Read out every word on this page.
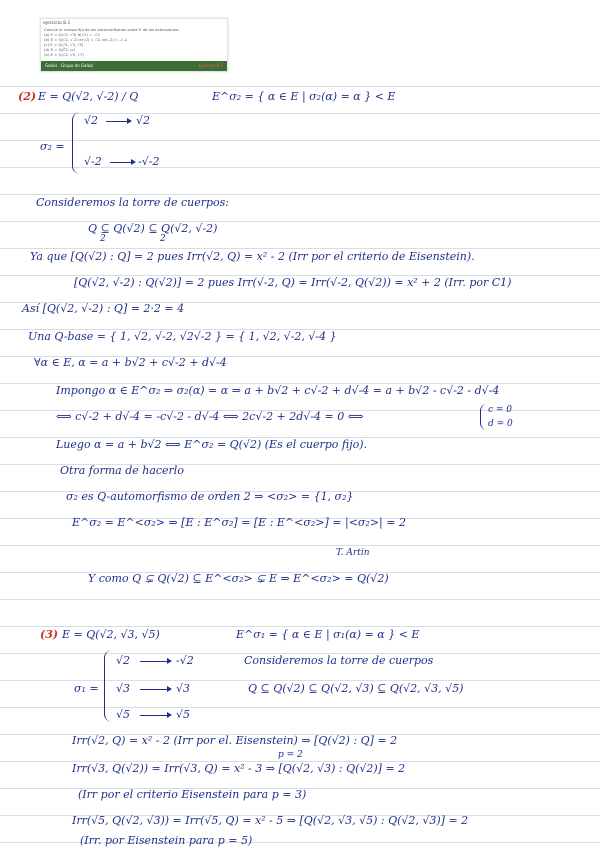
ejercicio 8.1
Calcula el cuerpo fijo de los automorfismos sobre E de las extensiones:
(a) E = Q(√2, √3) σ(√2) = -√2
(b) E = Q(√2, √-2) σ(√2) = √2, σ(√-2) = -√-2
(c) E = Q(√2, √3, √5)
(d) E = Q(∛2, ω)
(e) E = Q(√2, √3, √7)
Galois · Grupo de Galois	Ejercicio 8.1
(2) E = Q(√2, √-2) / Q	E^σ₂ = { α ∈ E | σ₂(α) = α } < E
σ₂ =
√2	√2
√-2	-√-2
Consideremos la torre de cuerpos:
Q ⊆ Q(√2) ⊆ Q(√2, √-2)
2	2
Ya que [Q(√2) : Q] = 2 pues Irr(√2, Q) = x² - 2 (Irr por el criterio de Eisenstein).
[Q(√2, √-2) : Q(√2)] = 2 pues Irr(√-2, Q) = Irr(√-2, Q(√2)) = x² + 2 (Irr. por C1)
Así [Q(√2, √-2) : Q] = 2·2 = 4
Una Q-base = { 1, √2, √-2, √2√-2 } = { 1, √2, √-2, √-4 }
∀α ∈ E, α = a + b√2 + c√-2 + d√-4
Impongo α ∈ E^σ₂ ⇒ σ₂(α) = α ⇒ a + b√2 + c√-2 + d√-4 = a + b√2 - c√-2 - d√-4
⟺ c√-2 + d√-4 = -c√-2 - d√-4 ⟺ 2c√-2 + 2d√-4 = 0 ⟺	c = 0
d = 0
Luego α = a + b√2 ⟺ E^σ₂ = Q(√2) (Es el cuerpo fijo).
Otra forma de hacerlo
σ₂ es Q-automorfismo de orden 2 ⇒ <σ₂> = {1, σ₂}
E^σ₂ = E^<σ₂> ⇒ [E : E^σ₂] = [E : E^<σ₂>] = |<σ₂>| = 2
T. Artin
Y como Q ⊊ Q(√2) ⊆ E^<σ₂> ⊊ E ⇒ E^<σ₂> = Q(√2)
(3) E = Q(√2, √3, √5)	E^σ₁ = { α ∈ E | σ₁(α) = α } < E
σ₁ =
√2	-√2
√3	√3
√5	√5
Consideremos la torre de cuerpos
Q ⊆ Q(√2) ⊆ Q(√2, √3) ⊆ Q(√2, √3, √5)
Irr(√2, Q) = x² - 2 (Irr por el. Eisenstein) ⇒ [Q(√2) : Q] = 2
p = 2
Irr(√3, Q(√2)) = Irr(√3, Q) = x² - 3 ⇒ [Q(√2, √3) : Q(√2)] = 2
(Irr por el criterio Eisenstein para p = 3)
Irr(√5, Q(√2, √3)) = Irr(√5, Q) = x² - 5 ⇒ [Q(√2, √3, √5) : Q(√2, √3)] = 2
(Irr. por Eisenstein para p = 5)
